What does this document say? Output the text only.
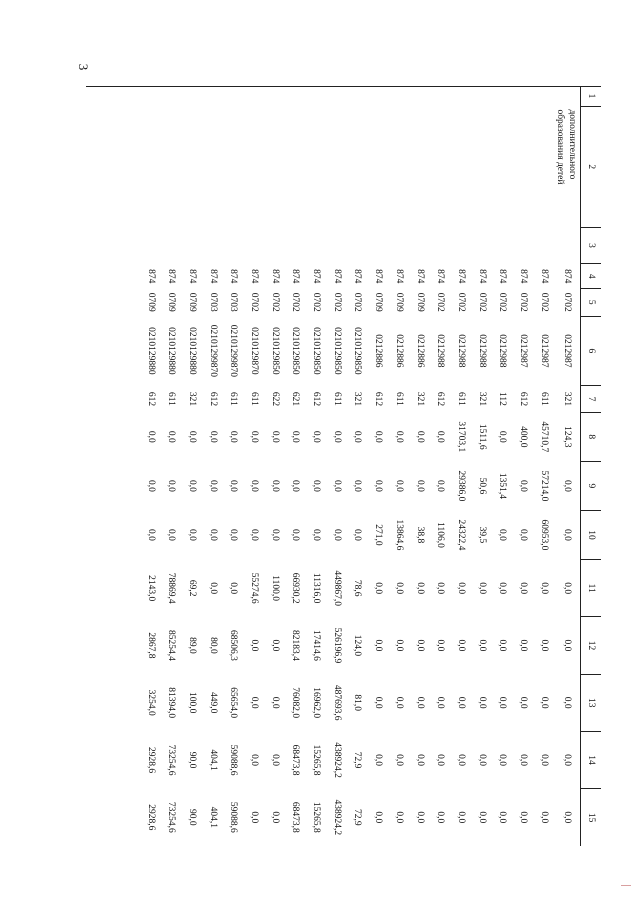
3
1	2	3	4	5	6	7	8	9	10	11	12	13	14	15
	дополнительного образования детей		874	0702	0212987	321	124,3	0,0	0,0	0,0	0,0	0,0	0,0	0,0
			874	0702	0212987	611	45710,7	57214,0	60953,0	0,0	0,0	0,0	0,0	0,0
			874	0702	0212987	612	400,0	0,0	0,0	0,0	0,0	0,0	0,0	0,0
			874	0702	0212988	112	0,0	1351,4	0,0	0,0	0,0	0,0	0,0	0,0
			874	0702	0212988	321	1511,6	50,6	39,5	0,0	0,0	0,0	0,0	0,0
			874	0702	0212988	611	31703,1	29386,0	24322,4	0,0	0,0	0,0	0,0	0,0
			874	0702	0212988	612	0,0	0,0	1106,0	0,0	0,0	0,0	0,0	0,0
			874	0709	0212886	321	0,0	0,0	38,8	0,0	0,0	0,0	0,0	0,0
			874	0709	0212886	611	0,0	0,0	13864,6	0,0	0,0	0,0	0,0	0,0
			874	0709	0212886	612	0,0	0,0	271,0	0,0	0,0	0,0	0,0	0,0
			874	0702	0210129850	321	0,0	0,0	0,0	78,6	124,0	81,0	72,9	72,9
			874	0702	0210129850	611	0,0	0,0	0,0	449867,0	526196,9	487693,6	438924,2	438924,2
			874	0702	0210129850	612	0,0	0,0	0,0	11316,0	17414,6	16962,0	15265,8	15265,8
			874	0702	0210129850	621	0,0	0,0	0,0	66930,2	82183,4	76082,0	68473,8	68473,8
			874	0702	0210129850	622	0,0	0,0	0,0	1100,0	0,0	0,0	0,0	0,0
			874	0702	0210129870	611	0,0	0,0	0,0	55274,6	0,0	0,0	0,0	0,0
			874	0703	02101299870	611	0,0	0,0	0,0	0,0	68506,3	65654,0	59088,6	59088,6
			874	0703	02101299870	612	0,0	0,0	0,0	0,0	80,0	449,0	404,1	404,1
			874	0709	0210129880	321	0,0	0,0	0,0	69,2	89,0	100,0	90,0	90,0
			874	0709	0210129880	611	0,0	0,0	0,0	78869,4	85254,4	81394,0	73254,6	73254,6
			874	0709	0210129880	612	0,0	0,0	0,0	2143,0	2867,8	3254,0	2928,6	2928,6
